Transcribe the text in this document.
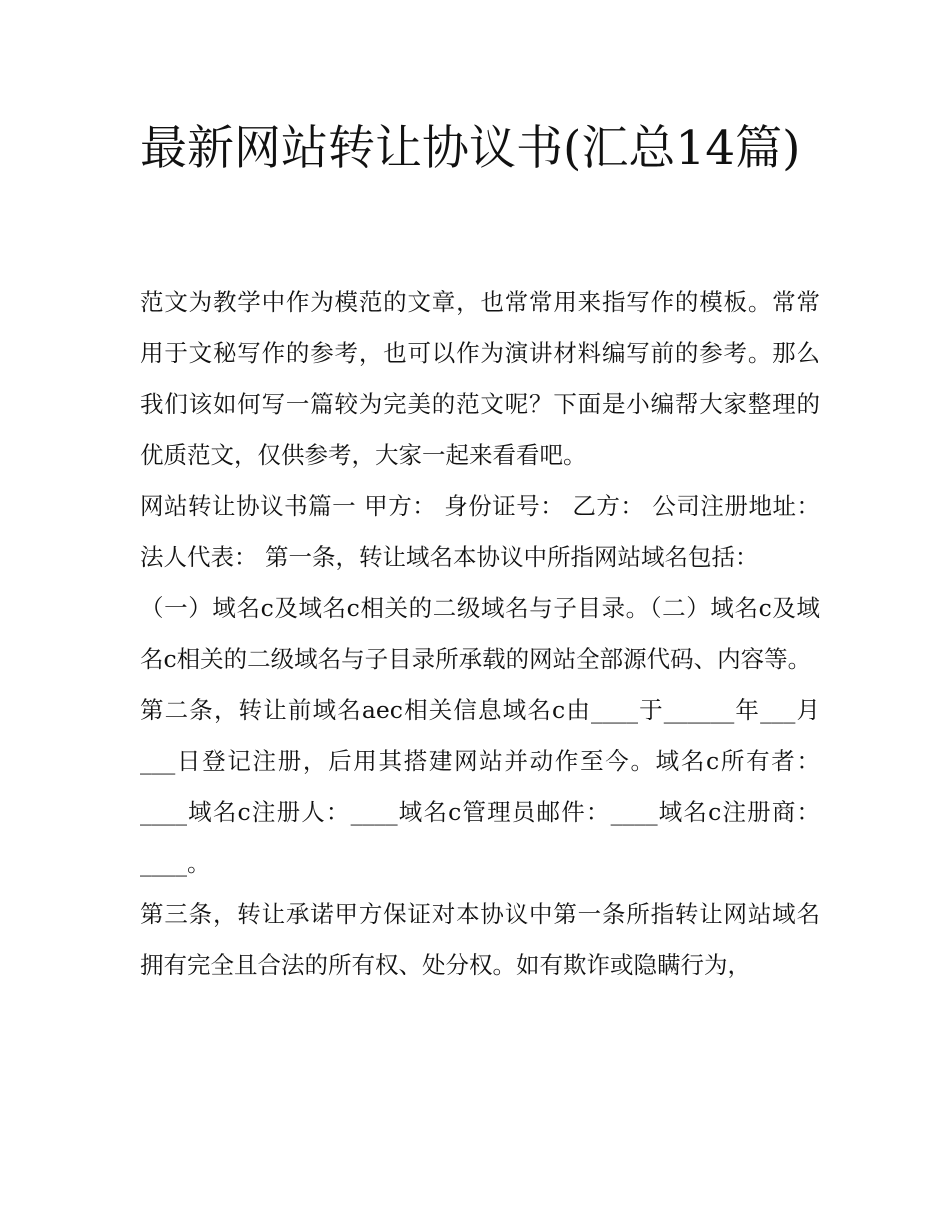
最新网站转让协议书(汇总14篇)

范文为教学中作为模范的文章，也常常用来指写作的模板。常常用于文秘写作的参考，也可以作为演讲材料编写前的参考。那么我们该如何写一篇较为完美的范文呢？下面是小编帮大家整理的优质范文，仅供参考，大家一起来看看吧。

网站转让协议书篇一 甲方： 身份证号： 乙方： 公司注册地址： 法人代表： 第一条，转让域名本协议中所指网站域名包括：

（一）域名c及域名c相关的二级域名与子目录。（二）域名c及域名c相关的二级域名与子目录所承载的网站全部源代码、内容等。

第二条，转让前域名aec相关信息域名c由____于______年___月___日登记注册，后用其搭建网站并动作至今。域名c所有者：____域名c注册人：____域名c管理员邮件：____域名c注册商：____。

第三条，转让承诺甲方保证对本协议中第一条所指转让网站域名拥有完全且合法的所有权、处分权。如有欺诈或隐瞒行为，
